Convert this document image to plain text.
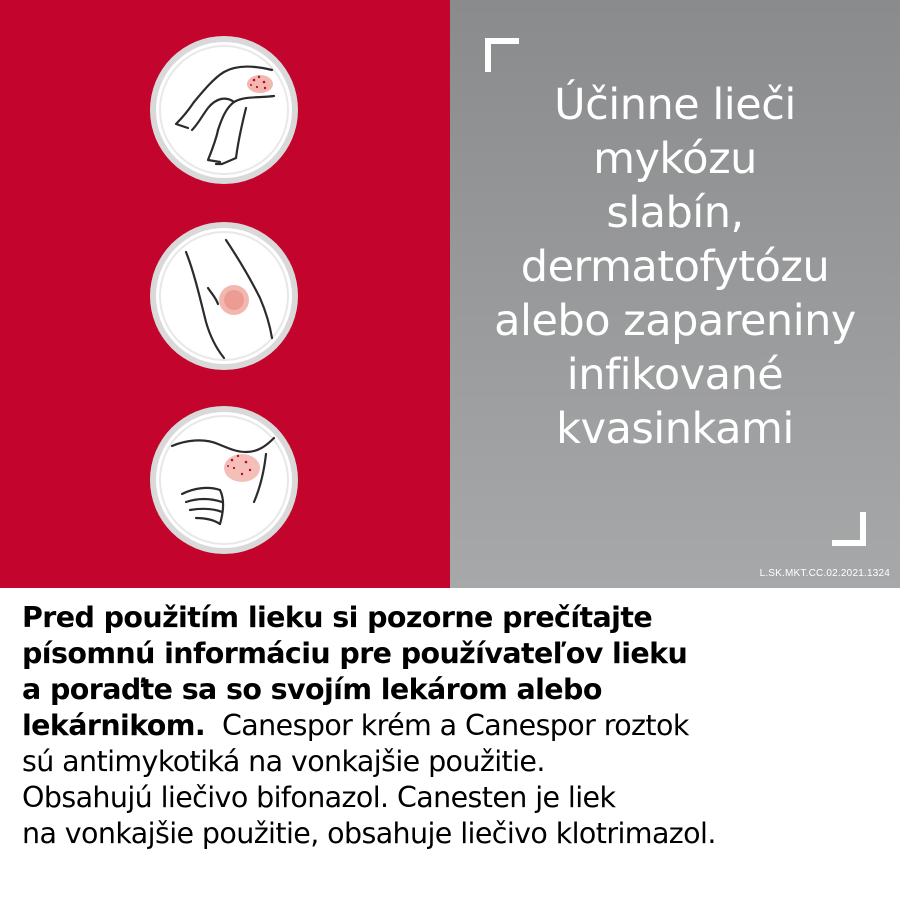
Účinne lieči
mykózu
slabín,
dermatofytózu
alebo zapareniny
infikované
kvasinkami
L.SK.MKT.CC.02.2021.1324
Pred použitím lieku si pozorne prečítajte
písomnú informáciu pre používateľov lieku
a poraďte sa so svojím lekárom alebo
lekárnikom.  Canespor krém a Canespor roztok
sú antimykotiká na vonkajšie použitie.
Obsahujú liečivo bifonazol. Canesten je liek
na vonkajšie použitie, obsahuje liečivo klotrimazol.
